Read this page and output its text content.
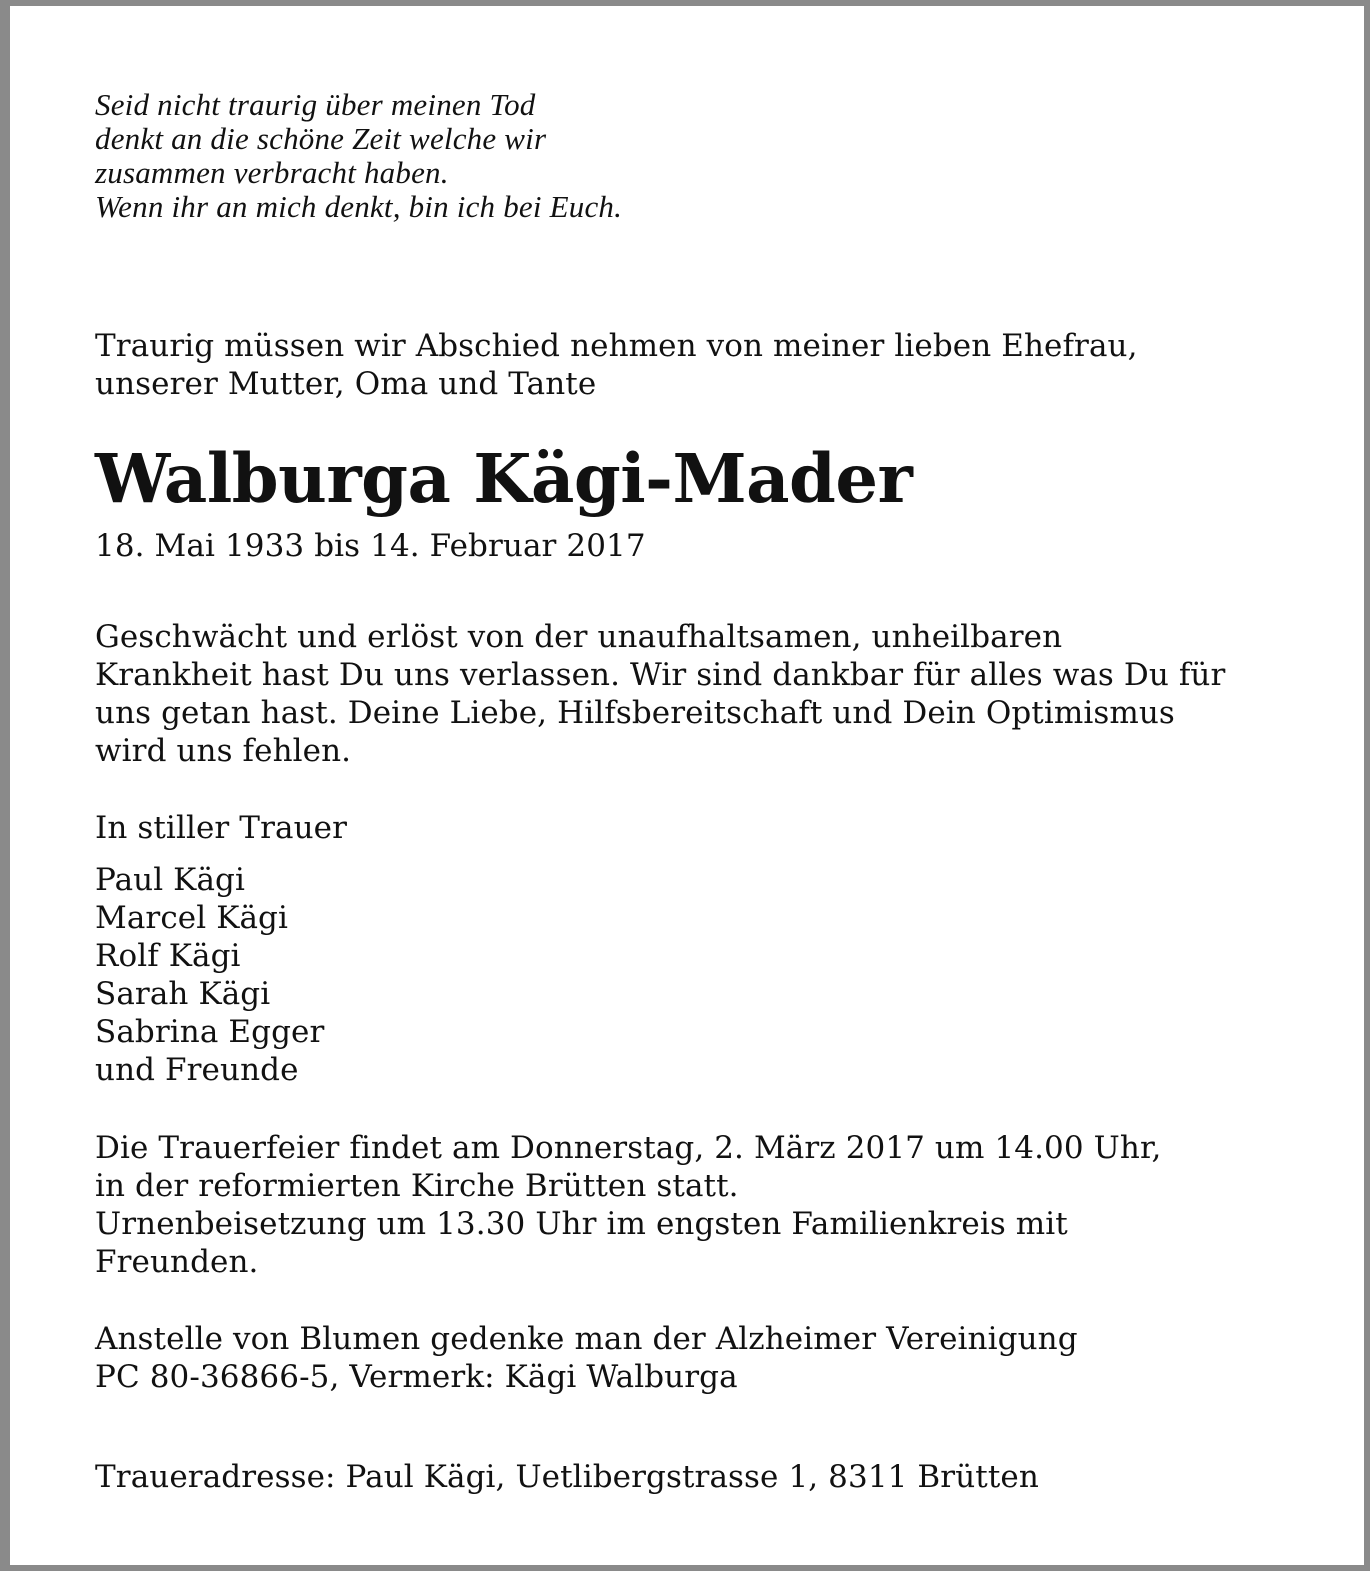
Seid nicht traurig über meinen Tod
denkt an die schöne Zeit welche wir
zusammen verbracht haben.
Wenn ihr an mich denkt, bin ich bei Euch.
Traurig müssen wir Abschied nehmen von meiner lieben Ehefrau,
unserer Mutter, Oma und Tante
Walburga Kägi-Mader
18. Mai 1933 bis 14. Februar 2017
Geschwächt und erlöst von der unaufhaltsamen, unheilbaren
Krankheit hast Du uns verlassen. Wir sind dankbar für alles was Du für
uns getan hast. Deine Liebe, Hilfsbereitschaft und Dein Optimismus
wird uns fehlen.
In stiller Trauer
Paul Kägi
Marcel Kägi
Rolf Kägi
Sarah Kägi
Sabrina Egger
und Freunde
Die Trauerfeier findet am Donnerstag, 2. März 2017 um 14.00 Uhr,
in der reformierten Kirche Brütten statt.
Urnenbeisetzung um 13.30 Uhr im engsten Familienkreis mit
Freunden.
Anstelle von Blumen gedenke man der Alzheimer Vereinigung
PC 80-36866-5, Vermerk: Kägi Walburga
Traueradresse: Paul Kägi, Uetlibergstrasse 1, 8311 Brütten
